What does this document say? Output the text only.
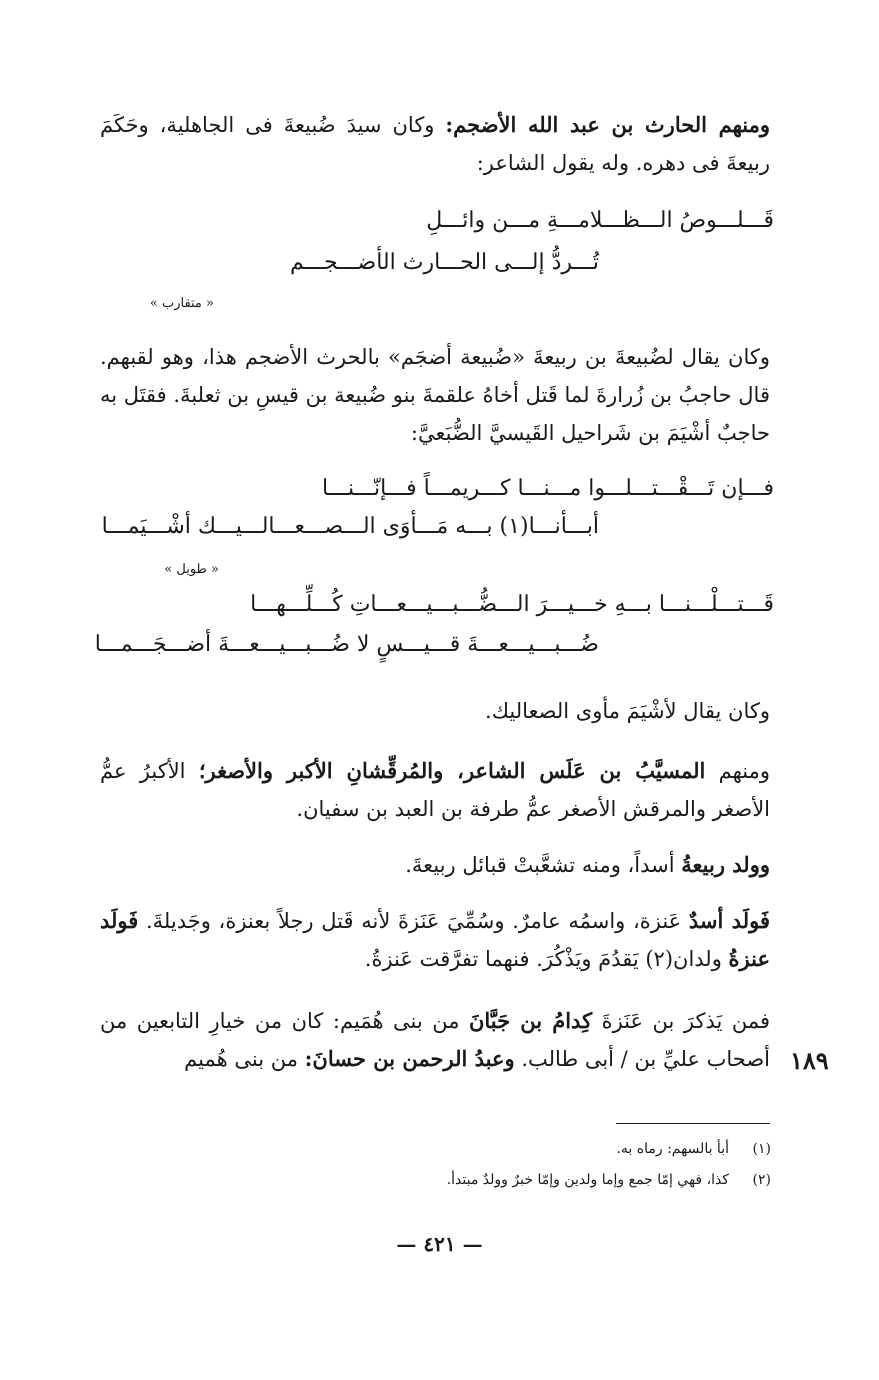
ومنهم الحارث بن عبد الله الأضجم: وكان سيدَ ضُبيعةَ فى الجاهلية، وحَكَمَ ربيعةَ فى دهره. وله يقول الشاعر:
قَـــلـــوصُ الـــظـــلامـــةِ مـــن وائـــلِ
تُـــردُّ إلـــى الحـــارث الأضـــجـــم
« متقارب »
وكان يقال لضُبيعةَ بن ربيعةَ «ضُبيعة أضجَم» بالحرث الأضجم هذا، وهو لقبهم. قال حاجبُ بن زُرارةَ لما قَتل أخاهُ علقمةَ بنو ضُبيعة بن قيسِ بن ثعلبةَ. فقتَل به حاجبٌ أشْيَمَ بن شَراحيل القَيسيَّ الضُّبَعيَّ:
فـــإن تَـــقْـــتـــلـــوا مـــنـــا كـــريمـــاً فـــإنّـــنـــا
أبـــأنـــا(١) بـــه مَـــأوَى الـــصـــعـــالـــيـــك أشْـــيَمـــا
« طويل »
قَـــتـــلْـــنـــا بـــهِ خـــيـــرَ الـــضُّـــبـــيـــعـــاتِ كُـــلِّـــهـــا
ضُـــبـــيـــعـــةَ قـــيـــسٍ لا ضُـــبـــيـــعـــةَ أضـــجَـــمـــا
وكان يقال لأشْيَمَ مأوى الصعاليك.
ومنهم المسيَّبُ بن عَلَس الشاعر، والمُرقِّشانِ الأكبر والأصغر؛ الأكبرُ عمُّ الأصغر والمرقش الأصغر عمُّ طرفة بن العبد بن سفيان.
وولد ربيعةُ أسداً، ومنه تشعَّبتْ قبائل ربيعةَ.
فَولَد أسدٌ عَنزة، واسمُه عامرٌ. وسُمِّيَ عَنَزةَ لأنه قَتل رجلاً بعنزة، وجَديلةَ. فَولَد عنزةُ ولدان(٢) يَقدُمَ ويَذْكُرَ. فنهما تفرَّقت عَنزةُ.
فمن يَذكرَ بن عَنَزةَ كِدامُ بن جَبَّانَ من بنى هُمَيم: كان من خيارِ التابعين من أصحاب عليِّ بن / أبى طالب. وعبدُ الرحمن بن حسانَ: من بنى هُميم	١٨٩
(١)
أبأ بالسهم: رماه به.
(٢)
كذا، فهي إمّا جمع وإما ولدين وإمّا خبرٌ وولدٌ مبتدأ.
— ٤٢١ —
